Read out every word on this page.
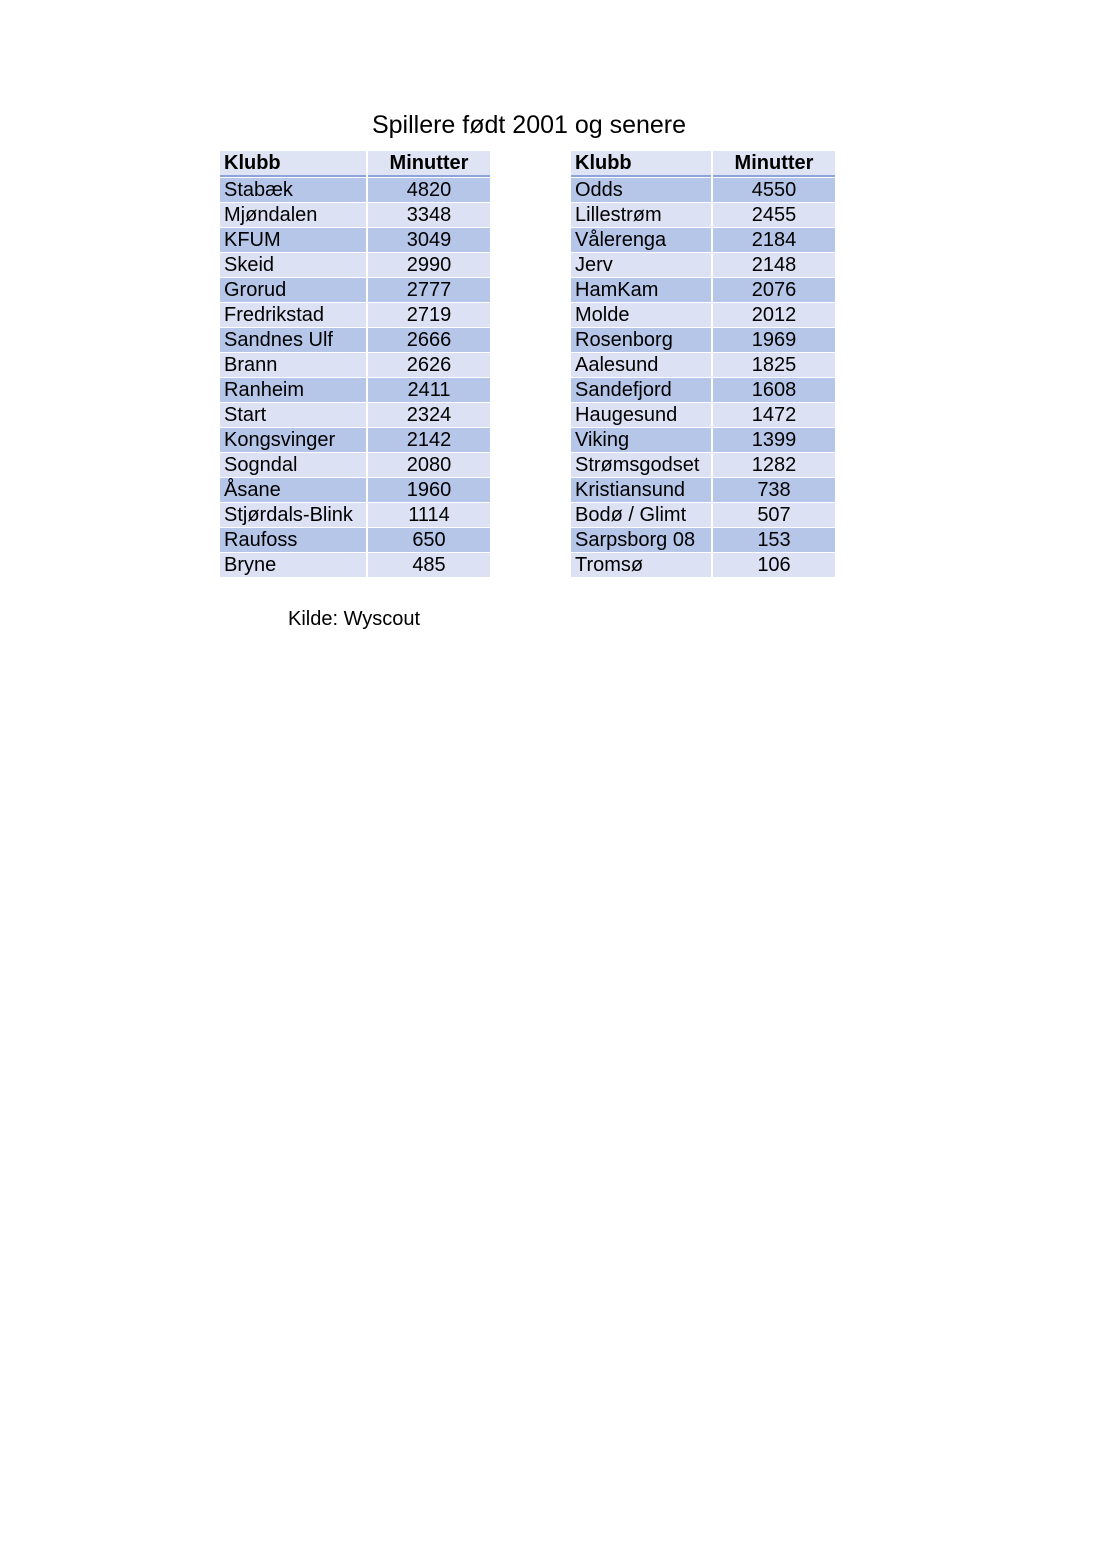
Spillere født 2001 og senere
Klubb	Minutter
Stabæk	4820
Mjøndalen	3348
KFUM	3049
Skeid	2990
Grorud	2777
Fredrikstad	2719
Sandnes Ulf	2666
Brann	2626
Ranheim	2411
Start	2324
Kongsvinger	2142
Sogndal	2080
Åsane	1960
Stjørdals-Blink	1114
Raufoss	650
Bryne	485
Klubb	Minutter
Odds	4550
Lillestrøm	2455
Vålerenga	2184
Jerv	2148
HamKam	2076
Molde	2012
Rosenborg	1969
Aalesund	1825
Sandefjord	1608
Haugesund	1472
Viking	1399
Strømsgodset	1282
Kristiansund	738
Bodø / Glimt	507
Sarpsborg 08	153
Tromsø	106
Kilde: Wyscout
